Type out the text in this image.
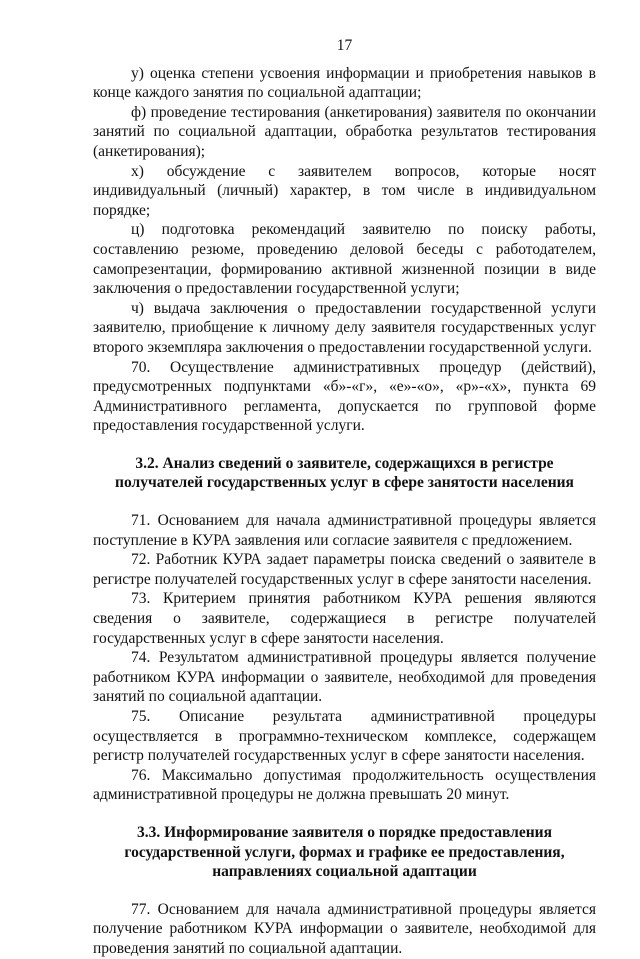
17

у) оценка степени усвоения информации и приобретения навыков в конце каждого занятия по социальной адаптации;

ф) проведение тестирования (анкетирования) заявителя по окончании занятий по социальной адаптации, обработка результатов тестирования (анкетирования);

х) обсуждение с заявителем вопросов, которые носят индивидуальный (личный) характер, в том числе в индивидуальном порядке;

ц) подготовка рекомендаций заявителю по поиску работы, составлению резюме, проведению деловой беседы с работодателем, самопрезентации, формированию активной жизненной позиции в виде заключения о предоставлении государственной услуги;

ч) выдача заключения о предоставлении государственной услуги заявителю, приобщение к личному делу заявителя государственных услуг второго экземпляра заключения о предоставлении государственной услуги.

70. Осуществление административных процедур (действий), предусмотренных подпунктами «б»-«г», «е»-«о», «р»-«х», пункта 69 Административного регламента, допускается по групповой форме предоставления государственной услуги.

3.2. Анализ сведений о заявителе, содержащихся в регистре
получателей государственных услуг в сфере занятости населения

71. Основанием для начала административной процедуры является поступление в КУРА заявления или согласие заявителя с предложением.

72. Работник КУРА задает параметры поиска сведений о заявителе в регистре получателей государственных услуг в сфере занятости населения.

73. Критерием принятия работником КУРА решения являются сведения о заявителе, содержащиеся в регистре получателей государственных услуг в сфере занятости населения.

74. Результатом административной процедуры является получение работником КУРА информации о заявителе, необходимой для проведения занятий по социальной адаптации.

75. Описание результата административной процедуры осуществляется в программно-техническом комплексе, содержащем регистр получателей государственных услуг в сфере занятости населения.

76. Максимально допустимая продолжительность осуществления административной процедуры не должна превышать 20 минут.

3.3. Информирование заявителя о порядке предоставления
государственной услуги, формах и графике ее предоставления,
направлениях социальной адаптации

77. Основанием для начала административной процедуры является получение работником КУРА информации о заявителе, необходимой для проведения занятий по социальной адаптации.
